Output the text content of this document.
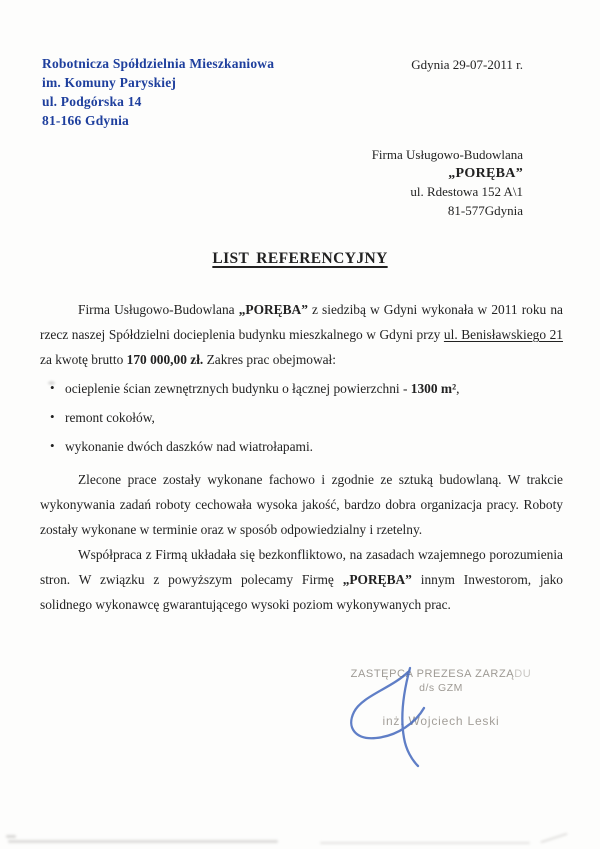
Robotnicza Spółdzielnia Mieszkaniowa
im. Komuny Paryskiej
ul. Podgórska 14
81-166 Gdynia
Gdynia 29-07-2011 r.
Firma Usługowo-Budowlana
„PORĘBA”
ul. Rdestowa 152 A\1
81-577Gdynia
LIST REFERENCYJNY

Firma Usługowo-Budowlana „PORĘBA” z siedzibą w Gdyni wykonała w 2011 roku na rzecz naszej Spółdzielni docieplenia budynku mieszkalnego w Gdyni przy ul. Benisławskiego 21 za kwotę brutto 170 000,00 zł. Zakres prac obejmował:

• ocieplenie ścian zewnętrznych budynku o łącznej powierzchni - 1300 m²,
• remont cokołów,
• wykonanie dwóch daszków nad wiatrołapami.

Zlecone prace zostały wykonane fachowo i zgodnie ze sztuką budowlaną. W trakcie wykonywania zadań roboty cechowała wysoka jakość, bardzo dobra organizacja pracy. Roboty zostały wykonane w terminie oraz w sposób odpowiedzialny i rzetelny.

Współpraca z Firmą układała się bezkonfliktowo, na zasadach wzajemnego porozumienia stron. W związku z powyższym polecamy Firmę „PORĘBA” innym Inwestorom, jako solidnego wykonawcę gwarantującego wysoki poziom wykonywanych prac.

ZASTĘPCA PREZESA ZARZĄDU
d/s GZM
inż. Wojciech Leski
